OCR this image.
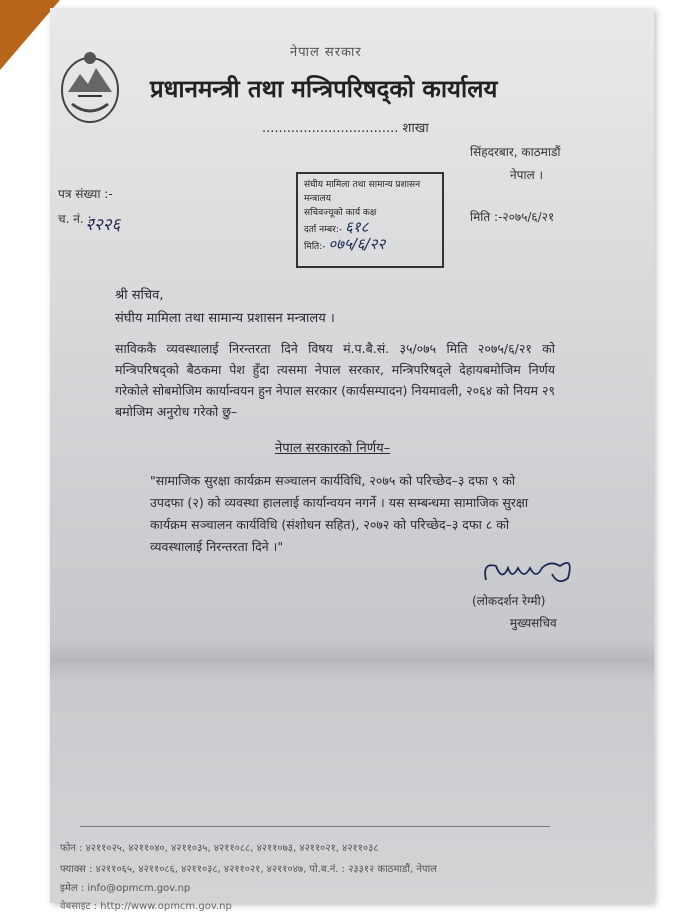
नेपाल सरकार
प्रधानमन्त्री तथा मन्त्रिपरिषद्को कार्यालय
................................. शाखा
सिंहदरबार, काठमाडौं
नेपाल ।
पत्र संख्या :-
च. नं. :-
२२२६
संघीय मामिला तथा सामान्य प्रशासन मन्त्रालय
सचिवज्यूको कार्य कक्ष
दर्ता नम्बर:- ६१८
मिति:- ०७५/६/२२
मिति :-२०७५/६/२१
श्री सचिव,
संघीय मामिला तथा सामान्य प्रशासन मन्त्रालय ।
साविककै व्यवस्थालाई निरन्तरता दिने विषय मं.प.बै.सं. ३५/०७५ मिति २०७५/६/२१ को मन्त्रिपरिषद्को बैठकमा पेश हुँदा त्यसमा नेपाल सरकार, मन्त्रिपरिषद्ले देहायबमोजिम निर्णय गरेकोले सोबमोजिम कार्यान्वयन हुन नेपाल सरकार (कार्यसम्पादन) नियमावली, २०६४ को नियम २९ बमोजिम अनुरोध गरेको छु–
नेपाल सरकारको निर्णय–
"सामाजिक सुरक्षा कार्यक्रम सञ्चालन कार्यविधि, २०७५ को परिच्छेद–३ दफा ९ को उपदफा (२) को व्यवस्था हाललाई कार्यान्वयन नगर्ने । यस सम्बन्धमा सामाजिक सुरक्षा कार्यक्रम सञ्चालन कार्यविधि (संशोधन सहित), २०७२ को परिच्छेद–३ दफा ८ को व्यवस्थालाई निरन्तरता दिने ।"
(लोकदर्शन रेग्मी)
मुख्यसचिव
फोन : ४२११०२५, ४२११०४०, ४२११०३५, ४२११०८८, ४२११०७३, ४२११०२१, ४२११०३८
फ्याक्स : ४२११०६५, ४२११०८६, ४२११०३८, ४२११०२१, ४२११०४७, पो.ब.नं. : २३३१२ काठमाडौं, नेपाल
इमेल : info@opmcm.gov.np
वेबसाइट : http://www.opmcm.gov.np
